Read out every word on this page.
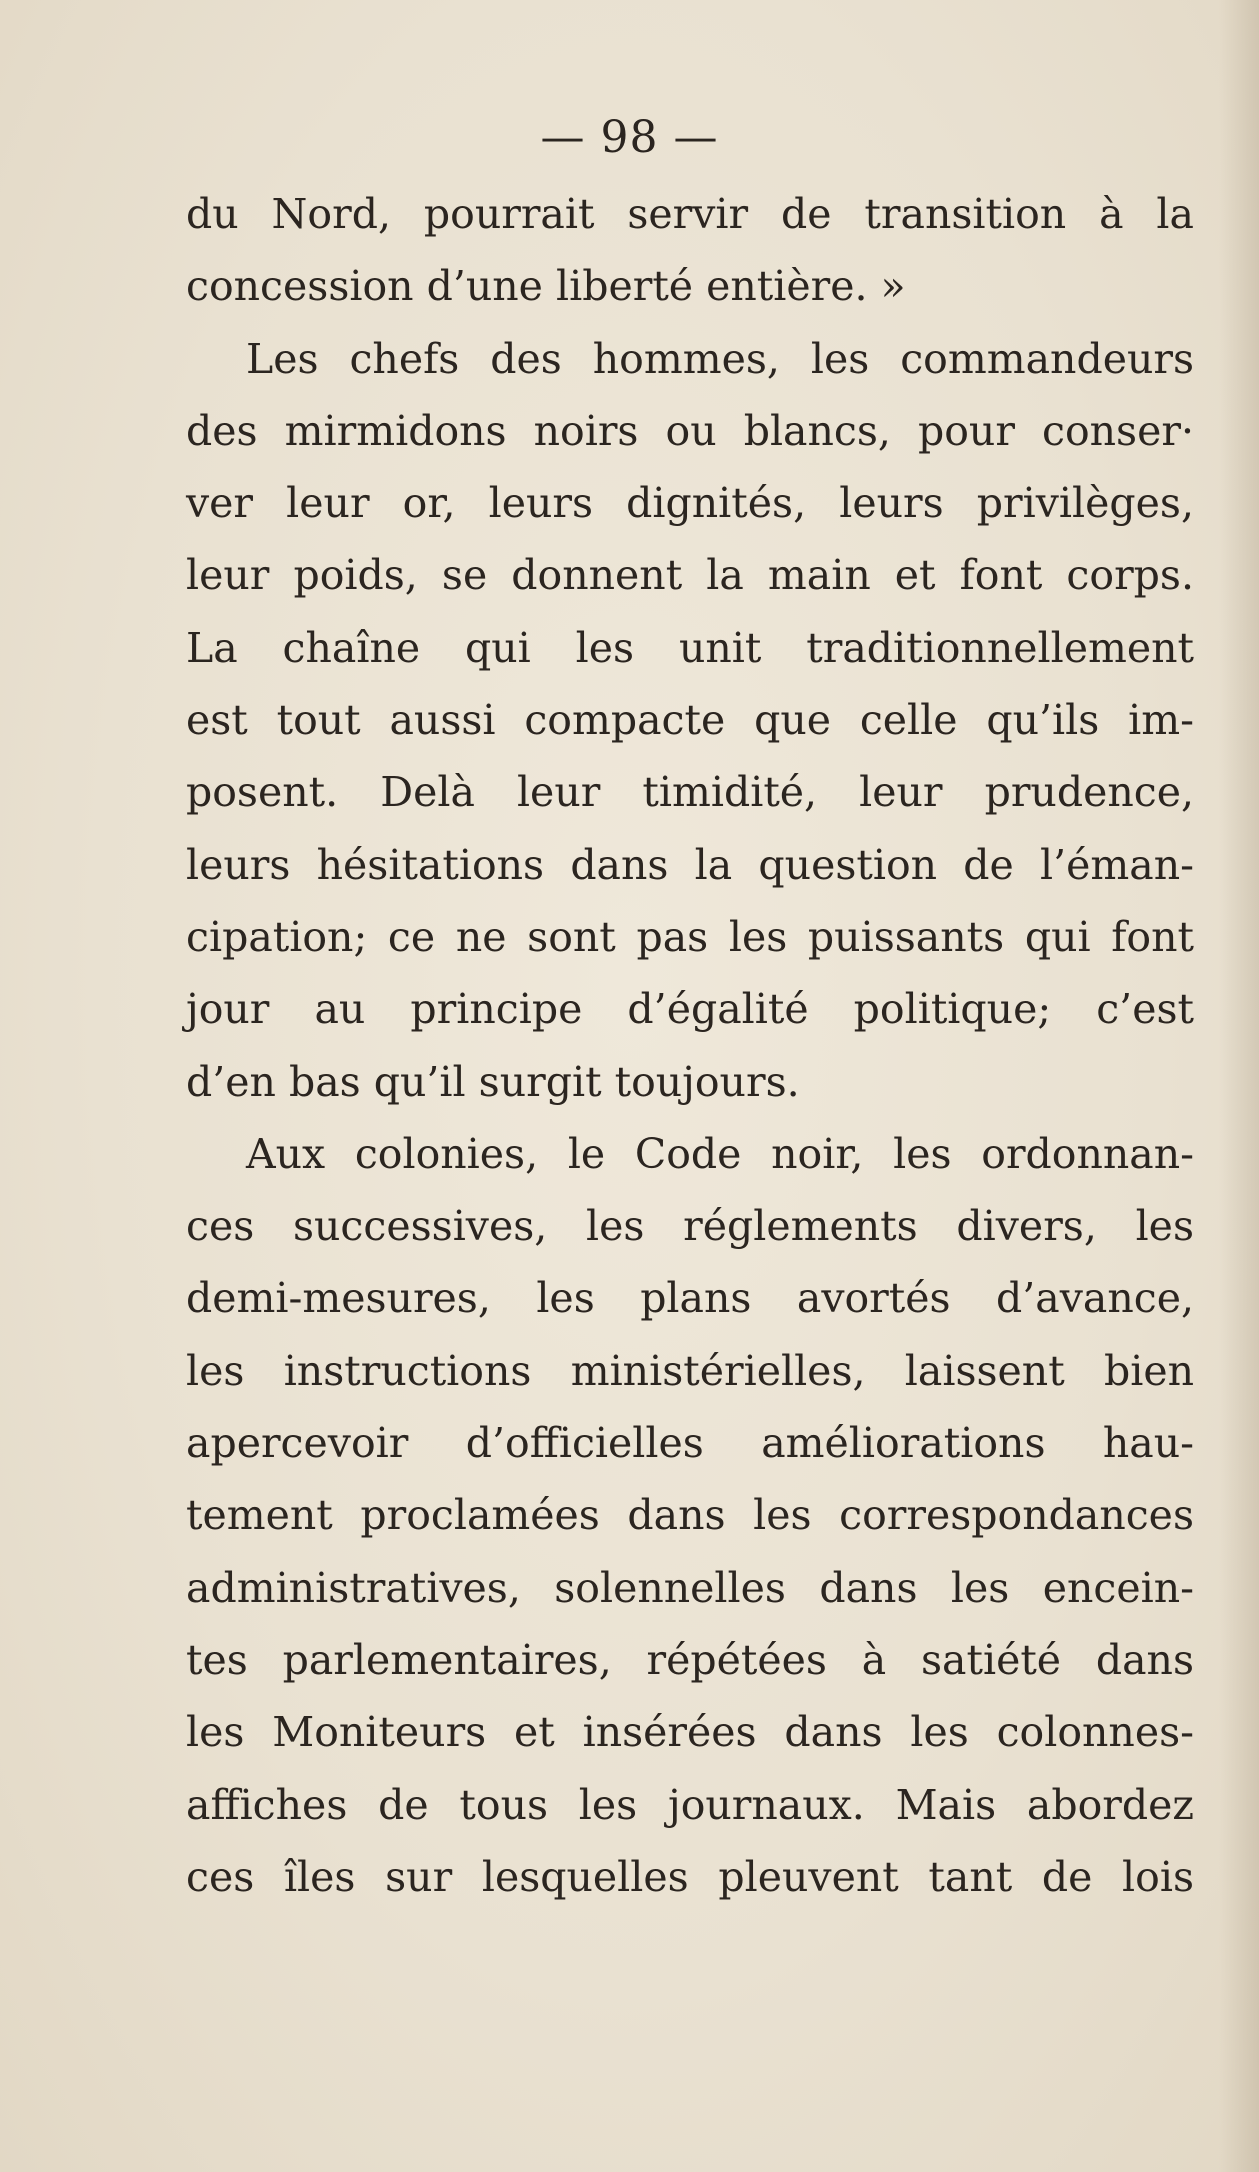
— 98 —
du Nord, pourrait servir de transition à la
concession d’une liberté entière. »
Les chefs des hommes, les commandeurs
des mirmidons noirs ou blancs, pour conser·
ver leur or, leurs dignités, leurs privilèges,
leur poids, se donnent la main et font corps.
La chaîne qui les unit traditionnellement
est tout aussi compacte que celle qu’ils im-
posent. Delà leur timidité, leur prudence,
leurs hésitations dans la question de l’éman-
cipation; ce ne sont pas les puissants qui font
jour au principe d’égalité politique; c’est
d’en bas qu’il surgit toujours.
Aux colonies, le Code noir, les ordonnan-
ces successives, les réglements divers, les
demi-mesures, les plans avortés d’avance,
les instructions ministérielles, laissent bien
apercevoir d’officielles améliorations hau-
tement proclamées dans les correspondances
administratives, solennelles dans les encein-
tes parlementaires, répétées à satiété dans
les Moniteurs et insérées dans les colonnes-
affiches de tous les journaux. Mais abordez
ces îles sur lesquelles pleuvent tant de lois
